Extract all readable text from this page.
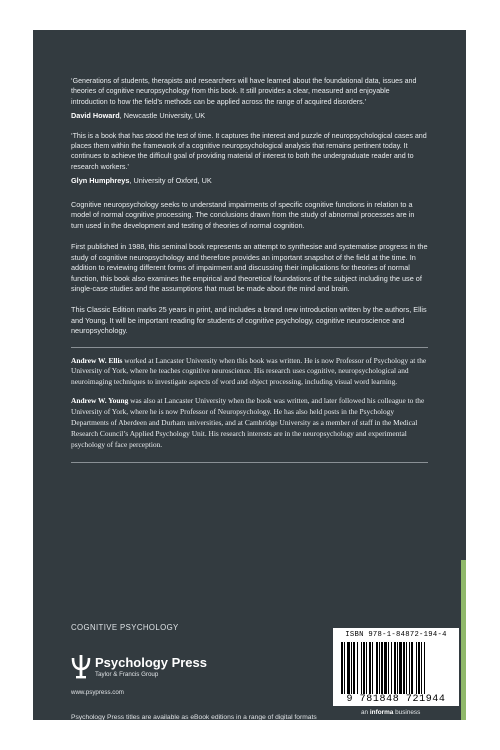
‘Generations of students, therapists and researchers will have learned about the foundational data, issues and theories of cognitive neuropsychology from this book. It still provides a clear, measured and enjoyable introduction to how the field’s methods can be applied across the range of acquired disorders.’

David Howard, Newcastle University, UK

‘This is a book that has stood the test of time. It captures the interest and puzzle of neuropsychological cases and places them within the framework of a cognitive neuropsychological analysis that remains pertinent today. It continues to achieve the difficult goal of providing material of interest to both the undergraduate reader and to research workers.’

Glyn Humphreys, University of Oxford, UK

Cognitive neuropsychology seeks to understand impairments of specific cognitive functions in relation to a model of normal cognitive processing. The conclusions drawn from the study of abnormal processes are in turn used in the development and testing of theories of normal cognition.

First published in 1988, this seminal book represents an attempt to synthesise and systematise progress in the study of cognitive neuropsychology and therefore provides an important snapshot of the field at the time. In addition to reviewing different forms of impairment and discussing their implications for theories of normal function, this book also examines the empirical and theoretical foundations of the subject including the use of single-case studies and the assumptions that must be made about the mind and brain.

This Classic Edition marks 25 years in print, and includes a brand new introduction written by the authors, Ellis and Young. It will be important reading for students of cognitive psychology, cognitive neuroscience and neuropsychology.

Andrew W. Ellis worked at Lancaster University when this book was written. He is now Professor of Psychology at the University of York, where he teaches cognitive neuroscience. His research uses cognitive, neuropsychological and neuroimaging techniques to investigate aspects of word and object processing, including visual word learning.

Andrew W. Young was also at Lancaster University when the book was written, and later followed his colleague to the University of York, where he is now Professor of Neuropsychology. He has also held posts in the Psychology Departments of Aberdeen and Durham universities, and at Cambridge University as a member of staff in the Medical Research Council’s Applied Psychology Unit. His research interests are in the neuropsychology and experimental psychology of face perception.

COGNITIVE PSYCHOLOGY
Psychology Press
Taylor & Francis Group
www.psypress.com
ISBN 978-1-84872-194-4
9 781848 721944
an informa business
Psychology Press titles are available as eBook editions in a range of digital formats
